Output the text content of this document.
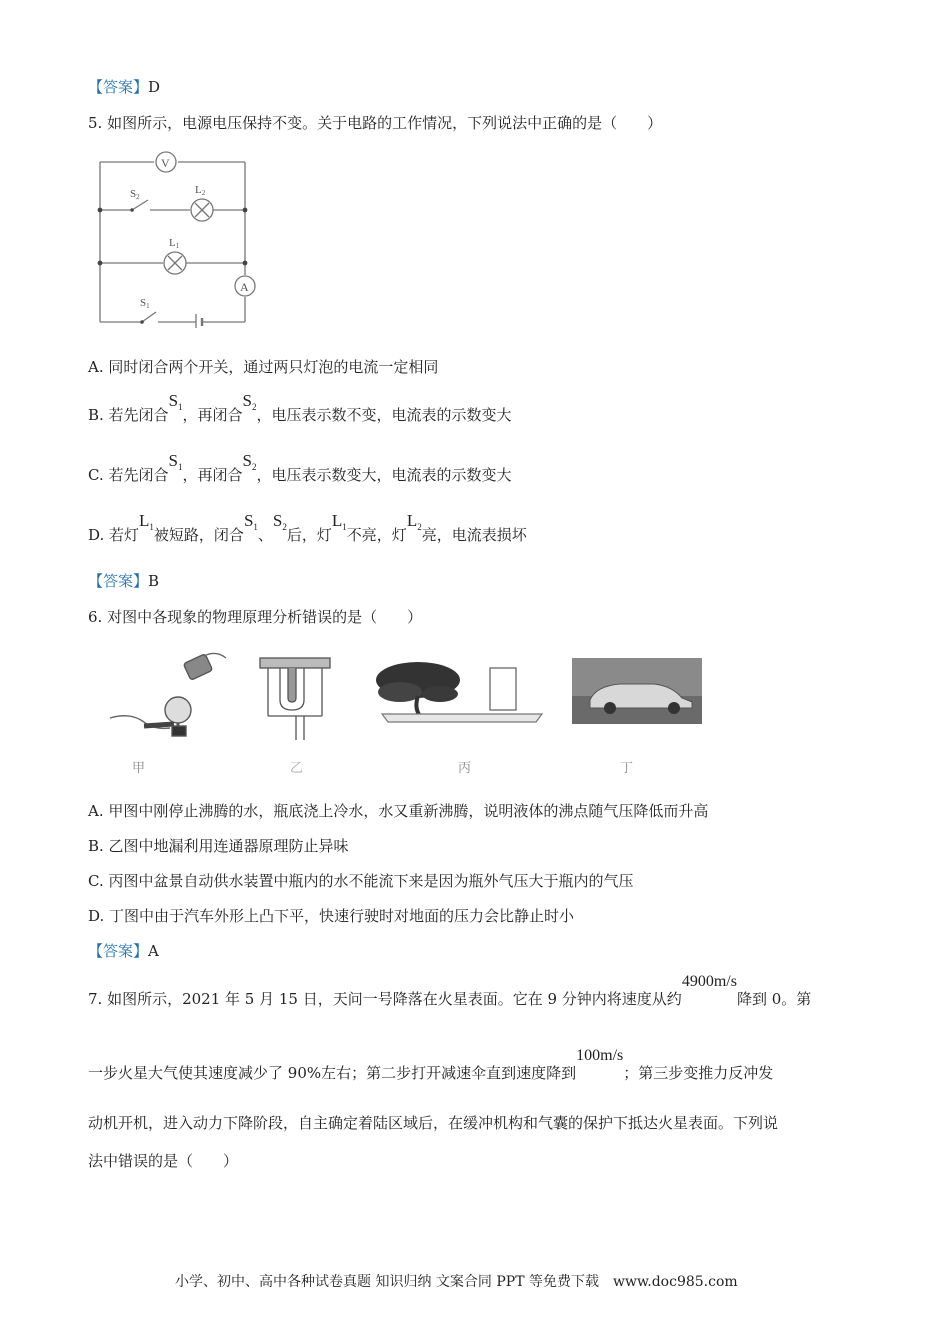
【答案】D
5. 如图所示，电源电压保持不变。关于电路的工作情况，下列说法中正确的是（　　）
V
A
S2
L2
L1
S1
A. 同时闭合两个开关，通过两只灯泡的电流一定相同
B. 若先闭合$S_1$，再闭合$S_2$，电压表示数不变，电流表的示数变大
C. 若先闭合$S_1$，再闭合$S_2$，电压表示数变大，电流表的示数变大
D. 若灯$L_1$被短路，闭合$S_1$、$S_2$后，灯$L_1$不亮，灯$L_2$亮，电流表损坏
【答案】B
6. 对图中各现象的物理原理分析错误的是（　　）
甲
　	乙	丙	丁
A. 甲图中刚停止沸腾的水，瓶底浇上冷水，水又重新沸腾，说明液体的沸点随气压降低而升高
B. 乙图中地漏利用连通器原理防止异味
C. 丙图中盆景自动供水装置中瓶内的水不能流下来是因为瓶外气压大于瓶内的气压
D. 丁图中由于汽车外形上凸下平，快速行驶时对地面的压力会比静止时小
【答案】A
7. 如图所示，2021 年 5 月 15 日，天问一号降落在火星表面。它在 9 分钟内将速度从约4900m/s降到 0。第
一步火星大气使其速度减少了 90%左右；第二步打开减速伞直到速度降到100m/s；第三步变推力反冲发
动机开机，进入动力下降阶段，自主确定着陆区域后，在缓冲机构和气囊的保护下抵达火星表面。下列说
法中错误的是（　　）
小学、初中、高中各种试卷真题 知识归纳 文案合同 PPT 等免费下载　www.doc985.com
